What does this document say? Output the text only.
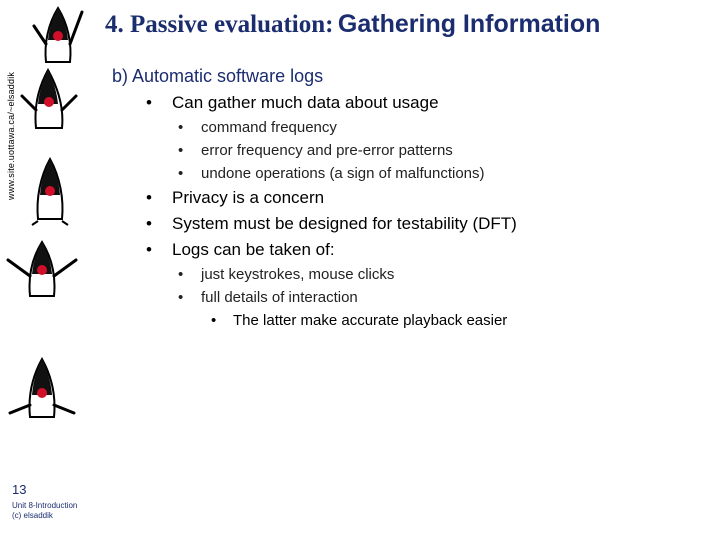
www.site.uottawa.ca/~elsaddik
4. Passive evaluation: Gathering Information
b) Automatic software logs
• Can gather much data about usage
• command frequency
• error frequency and pre-error patterns
• undone operations (a sign of malfunctions)
• Privacy is a concern
• System must be designed for testability (DFT)
• Logs can be taken of:
• just keystrokes, mouse clicks
• full details of interaction
• The latter make accurate playback easier
13
Unit 8-Introduction
(c) elsaddik
